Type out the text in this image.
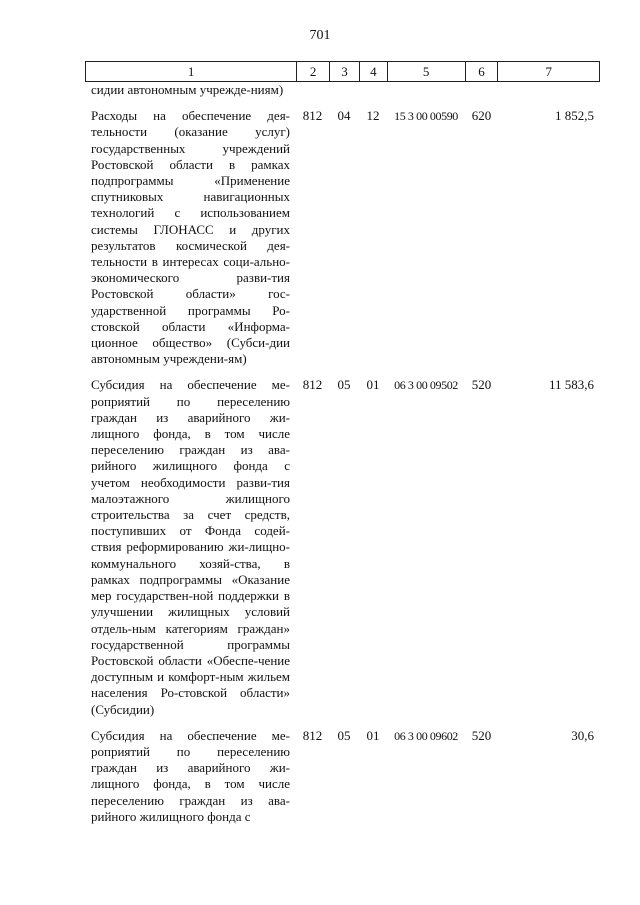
701
1	2	3	4	5	6	7
сидии автономным учрежде-ниям)
Расходы на обеспечение дея-тельности (оказание услуг) государственных учреждений Ростовской области в рамках подпрограммы «Применение спутниковых навигационных технологий с использованием системы ГЛОНАСС и других результатов космической дея-тельности в интересах соци-ально-экономического разви-тия Ростовской области» гос-ударственной программы Ро-стовской области «Информа-ционное общество» (Субси-дии автономным учреждени-ям)
812	04	12	15 3 00 00590	620	1 852,5
Субсидия на обеспечение ме-роприятий по переселению граждан из аварийного жи-лищного фонда, в том числе переселению граждан из ава-рийного жилищного фонда с учетом необходимости разви-тия малоэтажного жилищного строительства за счет средств, поступивших от Фонда содей-ствия реформированию жи-лищно-коммунального хозяй-ства, в рамках подпрограммы «Оказание мер государствен-ной поддержки в улучшении жилищных условий отдель-ным категориям граждан» государственной программы Ростовской области «Обеспе-чение доступным и комфорт-ным жильем населения Ро-стовской области» (Субсидии)
812	05	01	06 3 00 09502	520	11 583,6
Субсидия на обеспечение ме-роприятий по переселению граждан из аварийного жи-лищного фонда, в том числе переселению граждан из ава-рийного жилищного фонда с
812	05	01	06 3 00 09602	520	30,6
